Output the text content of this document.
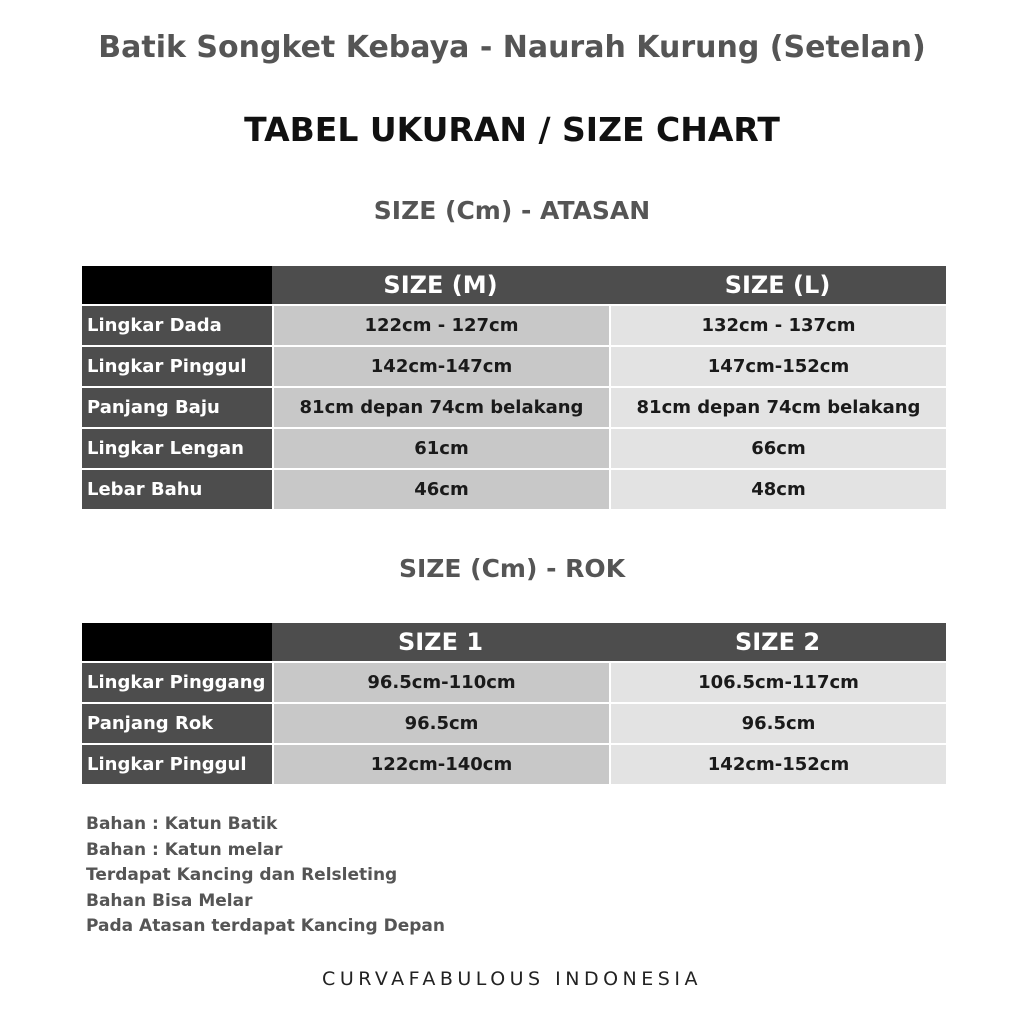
Batik Songket Kebaya - Naurah Kurung (Setelan)
TABEL UKURAN / SIZE CHART
SIZE (Cm) - ATASAN
	SIZE (M)	SIZE (L)
Lingkar Dada	122cm - 127cm	132cm - 137cm
Lingkar Pinggul	142cm-147cm	147cm-152cm
Panjang Baju	81cm depan 74cm belakang	81cm depan 74cm belakang
Lingkar Lengan	61cm	66cm
Lebar Bahu	46cm	48cm
SIZE (Cm) - ROK
	SIZE 1	SIZE 2
Lingkar Pinggang	96.5cm-110cm	106.5cm-117cm
Panjang Rok	96.5cm	96.5cm
Lingkar Pinggul	122cm-140cm	142cm-152cm
Bahan : Katun Batik
Bahan : Katun melar
Terdapat Kancing dan Relsleting
Bahan Bisa Melar
Pada Atasan terdapat Kancing Depan
CURVAFABULOUS INDONESIA
